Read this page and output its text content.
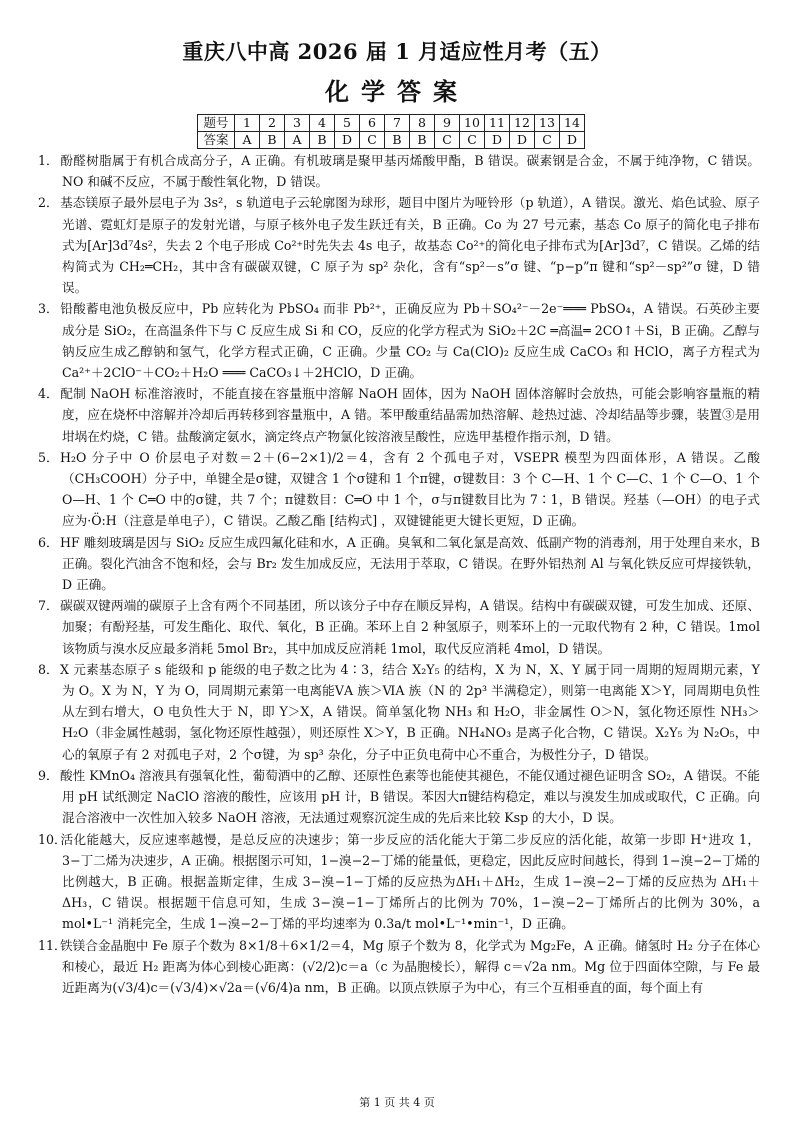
重庆八中高 2026 届 1 月适应性月考（五）
化学答案
题号	1	2	3	4	5	6	7	8	9	10	11	12	13	14
答案	A	B	A	B	D	C	B	B	C	C	D	D	C	D

1．酚醛树脂属于有机合成高分子，A 正确。有机玻璃是聚甲基丙烯酸甲酯，B 错误。碳素钢是合金，不属于纯净物，C 错误。NO 和碱不反应，不属于酸性氧化物，D 错误。

2．基态镁原子最外层电子为 3s²，s 轨道电子云轮廓图为球形，题目中图片为哑铃形（p 轨道），A 错误。激光、焰色试验、原子光谱、霓虹灯是原子的发射光谱，与原子核外电子发生跃迁有关，B 正确。Co 为 27 号元素，基态 Co 原子的简化电子排布式为[Ar]3d⁷4s²，失去 2 个电子形成 Co²⁺时先失去 4s 电子，故基态 Co²⁺的简化电子排布式为[Ar]3d⁷，C 错误。乙烯的结构简式为 CH₂═CH₂，其中含有碳碳双键，C 原子为 sp² 杂化，含有“sp²－s”σ 键、“p−p”π 键和“sp²－sp²”σ 键，D 错误。

3．铅酸蓄电池负极反应中，Pb 应转化为 PbSO₄ 而非 Pb²⁺，正确反应为 Pb＋SO₄²⁻－2e⁻═══ PbSO₄，A 错误。石英砂主要成分是 SiO₂，在高温条件下与 C 反应生成 Si 和 CO，反应的化学方程式为 SiO₂＋2C ═高温═ 2CO↑＋Si，B 正确。乙醇与钠反应生成乙醇钠和氢气，化学方程式正确，C 正确。少量 CO₂ 与 Ca(ClO)₂ 反应生成 CaCO₃ 和 HClO，离子方程式为 Ca²⁺＋2ClO⁻＋CO₂＋H₂O ═══ CaCO₃↓＋2HClO，D 正确。

4．配制 NaOH 标准溶液时，不能直接在容量瓶中溶解 NaOH 固体，因为 NaOH 固体溶解时会放热，可能会影响容量瓶的精度，应在烧杯中溶解并冷却后再转移到容量瓶中，A 错。苯甲酸重结晶需加热溶解、趁热过滤、冷却结晶等步骤，装置③是用坩埚在灼烧，C 错。盐酸滴定氨水，滴定终点产物氯化铵溶液呈酸性，应选甲基橙作指示剂，D 错。

5．H₂O 分子中 O 价层电子对数＝2＋(6−2×1)/2＝4，含有 2 个孤电子对，VSEPR 模型为四面体形，A 错误。乙酸（CH₃COOH）分子中，单键全是σ键，双键含 1 个σ键和 1 个π键，σ键数目：3 个 C—H、1 个 C—C、1 个 C—O、1 个 O—H、1 个 C═O 中的σ键，共 7 个；π键数目：C═O 中 1 个，σ与π键数目比为 7∶1，B 错误。羟基（—OH）的电子式应为·Ö:H（注意是单电子），C 错误。乙酸乙酯 [结构式] ，双键键能更大键长更短，D 正确。

6．HF 雕刻玻璃是因与 SiO₂ 反应生成四氟化硅和水，A 正确。臭氧和二氧化氯是高效、低副产物的消毒剂，用于处理自来水，B 正确。裂化汽油含不饱和烃，会与 Br₂ 发生加成反应，无法用于萃取，C 错误。在野外铝热剂 Al 与氧化铁反应可焊接铁轨，D 正确。

7．碳碳双键两端的碳原子上含有两个不同基团，所以该分子中存在顺反异构，A 错误。结构中有碳碳双键，可发生加成、还原、加聚；有酚羟基，可发生酯化、取代、氧化，B 正确。苯环上自 2 种氢原子，则苯环上的一元取代物有 2 种，C 错误。1mol 该物质与溴水反应最多消耗 5mol Br₂，其中加成反应消耗 1mol，取代反应消耗 4mol，D 错误。

8．X 元素基态原子 s 能级和 p 能级的电子数之比为 4∶3，结合 X₂Y₅ 的结构，X 为 N，X、Y 属于同一周期的短周期元素，Y 为 O。X 为 N，Y 为 O，同周期元素第一电离能ⅤA 族＞ⅥA 族（N 的 2p³ 半满稳定），则第一电离能 X＞Y，同周期电负性从左到右增大，O 电负性大于 N，即 Y＞X，A 错误。简单氢化物 NH₃ 和 H₂O，非金属性 O＞N，氢化物还原性 NH₃＞H₂O（非金属性越弱，氢化物还原性越强），则还原性 X＞Y，B 正确。NH₄NO₃ 是离子化合物，C 错误。X₂Y₅ 为 N₂O₅，中心的氧原子有 2 对孤电子对，2 个σ键，为 sp³ 杂化，分子中正负电荷中心不重合，为极性分子，D 错误。

9．酸性 KMnO₄ 溶液具有强氧化性，葡萄酒中的乙醇、还原性色素等也能使其褪色，不能仅通过褪色证明含 SO₂，A 错误。不能用 pH 试纸测定 NaClO 溶液的酸性，应该用 pH 计，B 错误。苯因大π键结构稳定，难以与溴发生加成或取代，C 正确。向混合溶液中一次性加入较多 NaOH 溶液，无法通过观察沉淀生成的先后来比较 Ksp 的大小，D 误。

10．活化能越大，反应速率越慢，是总反应的决速步；第一步反应的活化能大于第二步反应的活化能，故第一步即 H⁺进攻 1，3−丁二烯为决速步，A 正确。根据图示可知，1−溴−2−丁烯的能量低，更稳定，因此反应时间越长，得到 1−溴−2−丁烯的比例越大，B 正确。根据盖斯定律，生成 3−溴−1−丁烯的反应热为ΔH₁＋ΔH₂，生成 1−溴−2−丁烯的反应热为 ΔH₁＋ΔH₃，C 错误。根据题干信息可知，生成 3−溴−1−丁烯所占的比例为 70%，1−溴−2−丁烯所占的比例为 30%，a mol•L⁻¹ 消耗完全，生成 1−溴−2−丁烯的平均速率为 0.3a/t mol•L⁻¹•min⁻¹，D 正确。

11．铁镁合金晶胞中 Fe 原子个数为 8×1/8＋6×1/2＝4，Mg 原子个数为 8，化学式为 Mg₂Fe，A 正确。储氢时 H₂ 分子在体心和棱心，最近 H₂ 距离为体心到棱心距离：(√2/2)c＝a（c 为晶胞棱长），解得 c＝√2a nm。Mg 位于四面体空隙，与 Fe 最近距离为(√3/4)c＝(√3/4)×√2a＝(√6/4)a nm，B 正确。以顶点铁原子为中心，有三个互相垂直的面，每个面上有

第 1 页 共 4 页
